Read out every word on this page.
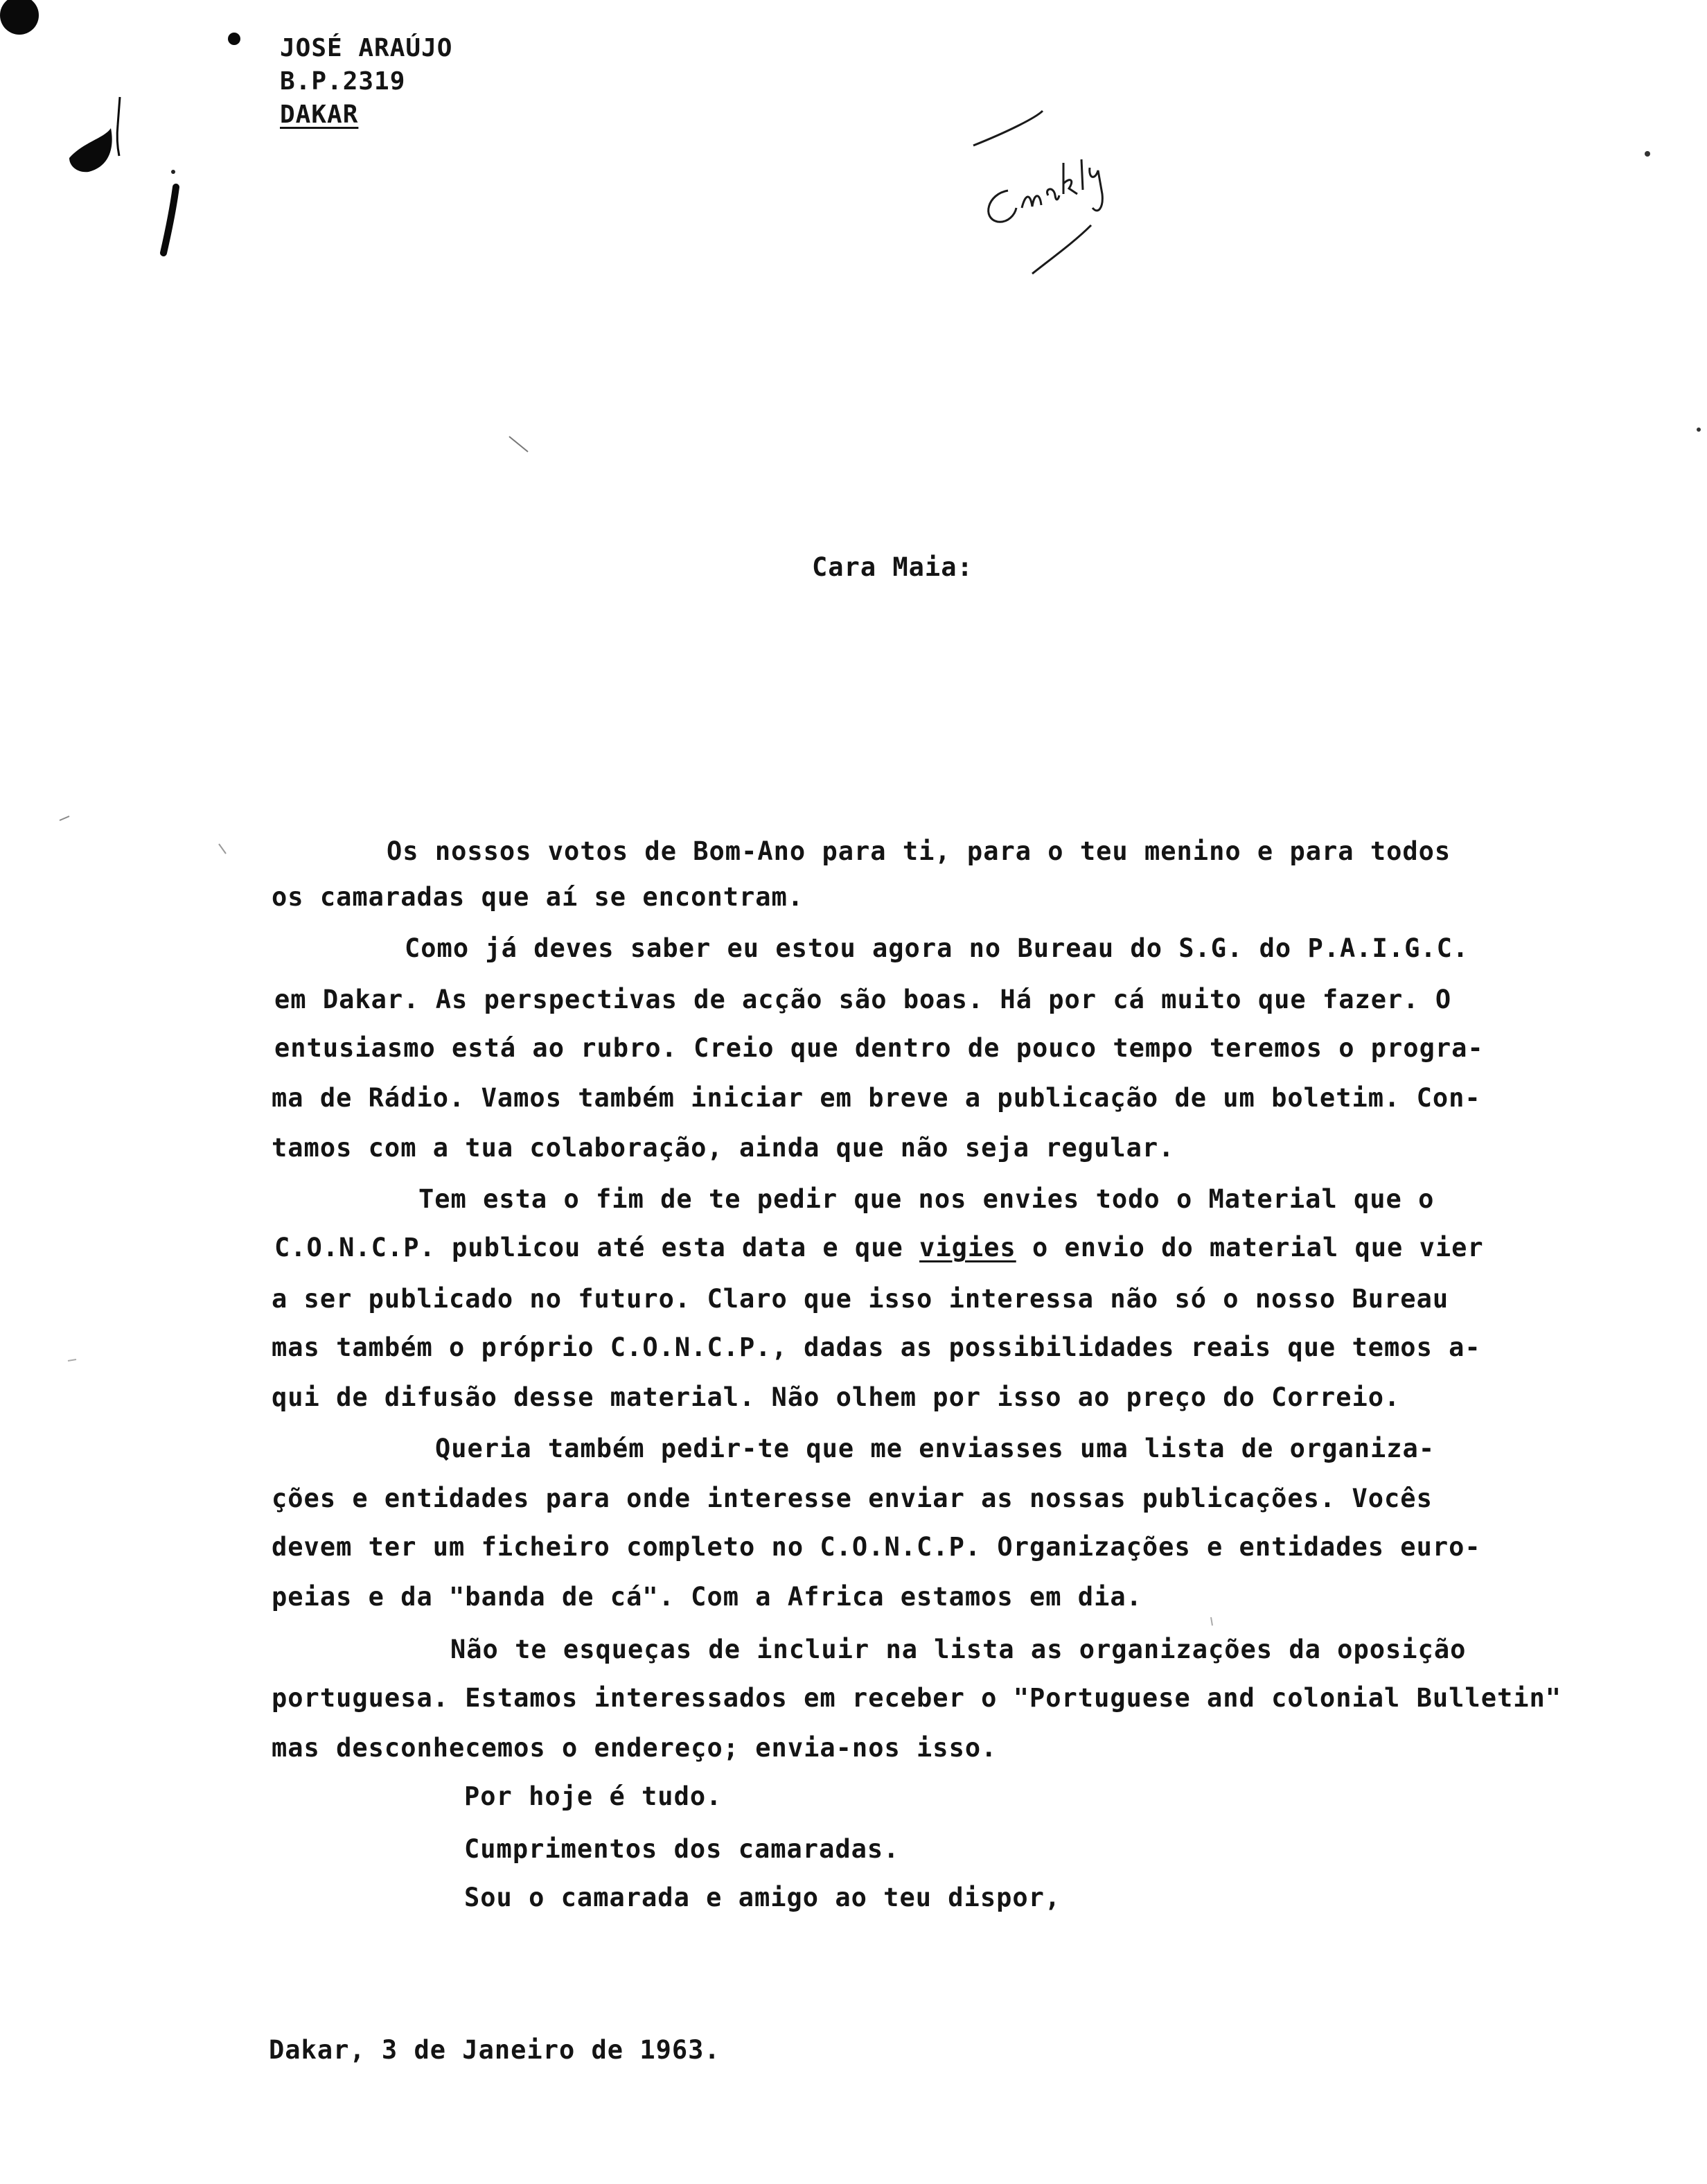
JOSÉ ARAÚJO
B.P.2319
DAKAR
Cara Maia:
Os nossos votos de Bom-Ano para ti, para o teu menino e para todos
os camaradas que aí se encontram.
Como já deves saber eu estou agora no Bureau do S.G. do P.A.I.G.C.
em Dakar. As perspectivas de acção são boas. Há por cá muito que fazer. O
entusiasmo está ao rubro. Creio que dentro de pouco tempo teremos o progra-
ma de Rádio. Vamos também iniciar em breve a publicação de um boletim. Con-
tamos com a tua colaboração, ainda que não seja regular.
Tem esta o fim de te pedir que nos envies todo o Material que o
C.O.N.C.P. publicou até esta data e que vigies o envio do material que vier
a ser publicado no futuro. Claro que isso interessa não só o nosso Bureau
mas também o próprio C.O.N.C.P., dadas as possibilidades reais que temos a-
qui de difusão desse material. Não olhem por isso ao preço do Correio.
Queria também pedir-te que me enviasses uma lista de organiza-
ções e entidades para onde interesse enviar as nossas publicações. Vocês
devem ter um ficheiro completo no C.O.N.C.P. Organizações e entidades euro-
peias e da "banda de cá". Com a Africa estamos em dia.
Não te esqueças de incluir na lista as organizações da oposição
portuguesa. Estamos interessados em receber o "Portuguese and colonial Bulletin"
mas desconhecemos o endereço; envia-nos isso.
Por hoje é tudo.
Cumprimentos dos camaradas.
Sou o camarada e amigo ao teu dispor,
Dakar, 3 de Janeiro de 1963.
